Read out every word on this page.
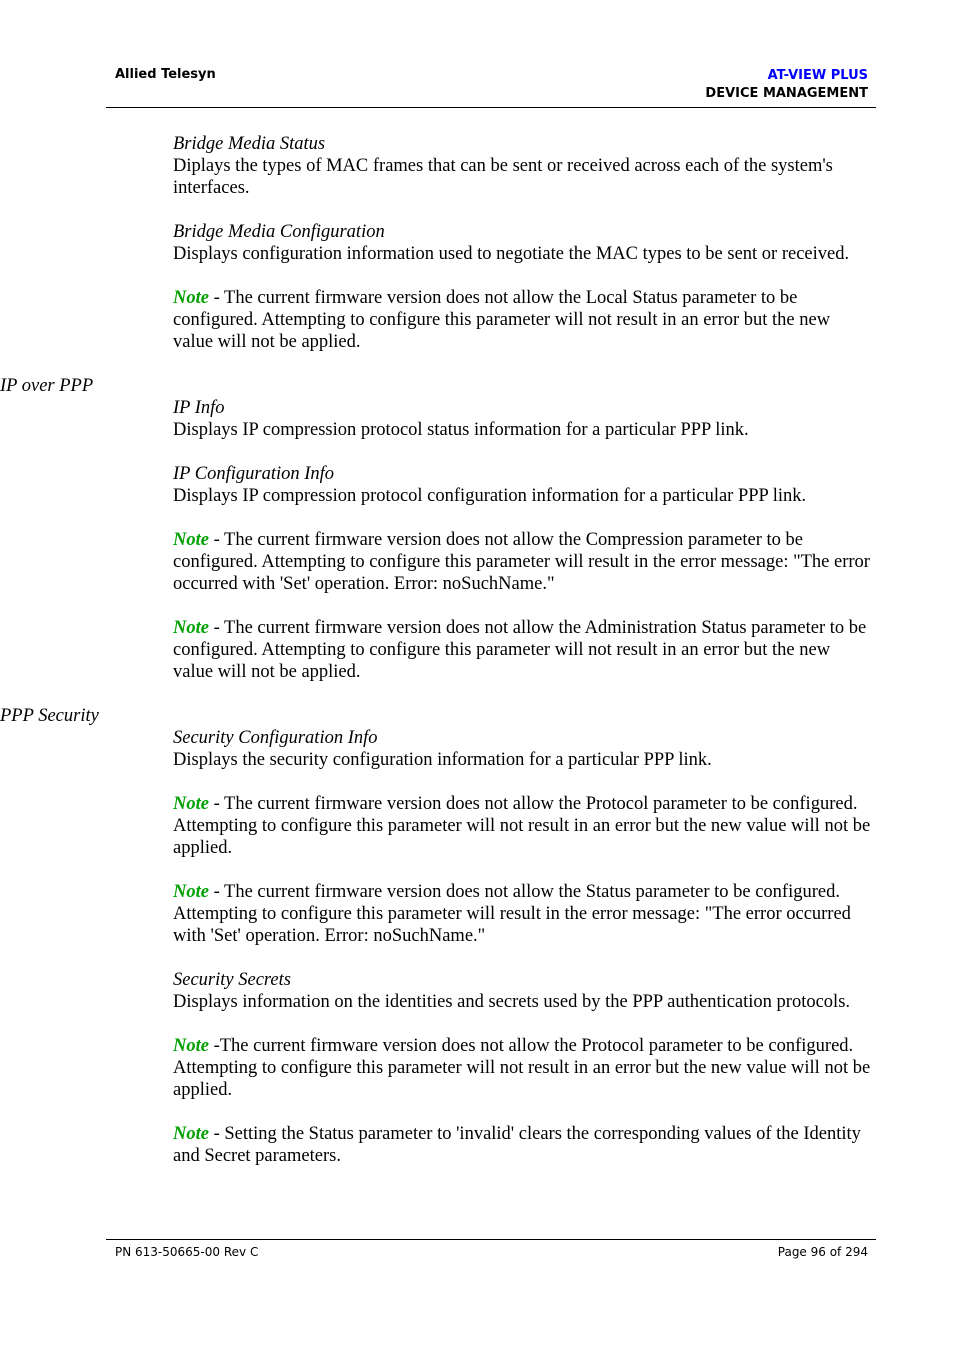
Allied Telesyn	AT-VIEW PLUS
DEVICE MANAGEMENT

Bridge Media Status

Diplays the types of MAC frames that can be sent or received across each of the system's interfaces.

Bridge Media Configuration

Displays configuration information used to negotiate the MAC types to be sent or received.

Note - The current firmware version does not allow the Local Status parameter to be configured. Attempting to configure this parameter will not result in an error but the new value will not be applied.

IP over PPP

IP Info

Displays IP compression protocol status information for a particular PPP link.

IP Configuration Info

Displays IP compression protocol configuration information for a particular PPP link.

Note - The current firmware version does not allow the Compression parameter to be configured. Attempting to configure this parameter will result in the error message: "The error occurred with 'Set' operation. Error: noSuchName."

Note - The current firmware version does not allow the Administration Status parameter to be configured. Attempting to configure this parameter will not result in an error but the new value will not be applied.

PPP Security

Security Configuration Info

Displays the security configuration information for a particular PPP link.

Note - The current firmware version does not allow the Protocol parameter to be configured. Attempting to configure this parameter will not result in an error but the new value will not be applied.

Note - The current firmware version does not allow the Status parameter to be configured. Attempting to configure this parameter will result in the error message: "The error occurred with 'Set' operation. Error: noSuchName."

Security Secrets

Displays information on the identities and secrets used by the PPP authentication protocols.

Note -The current firmware version does not allow the Protocol parameter to be configured. Attempting to configure this parameter will not result in an error but the new value will not be applied.

Note - Setting the Status parameter to 'invalid' clears the corresponding values of the Identity and Secret parameters.

PN 613-50665-00 Rev C	Page 96 of 294
